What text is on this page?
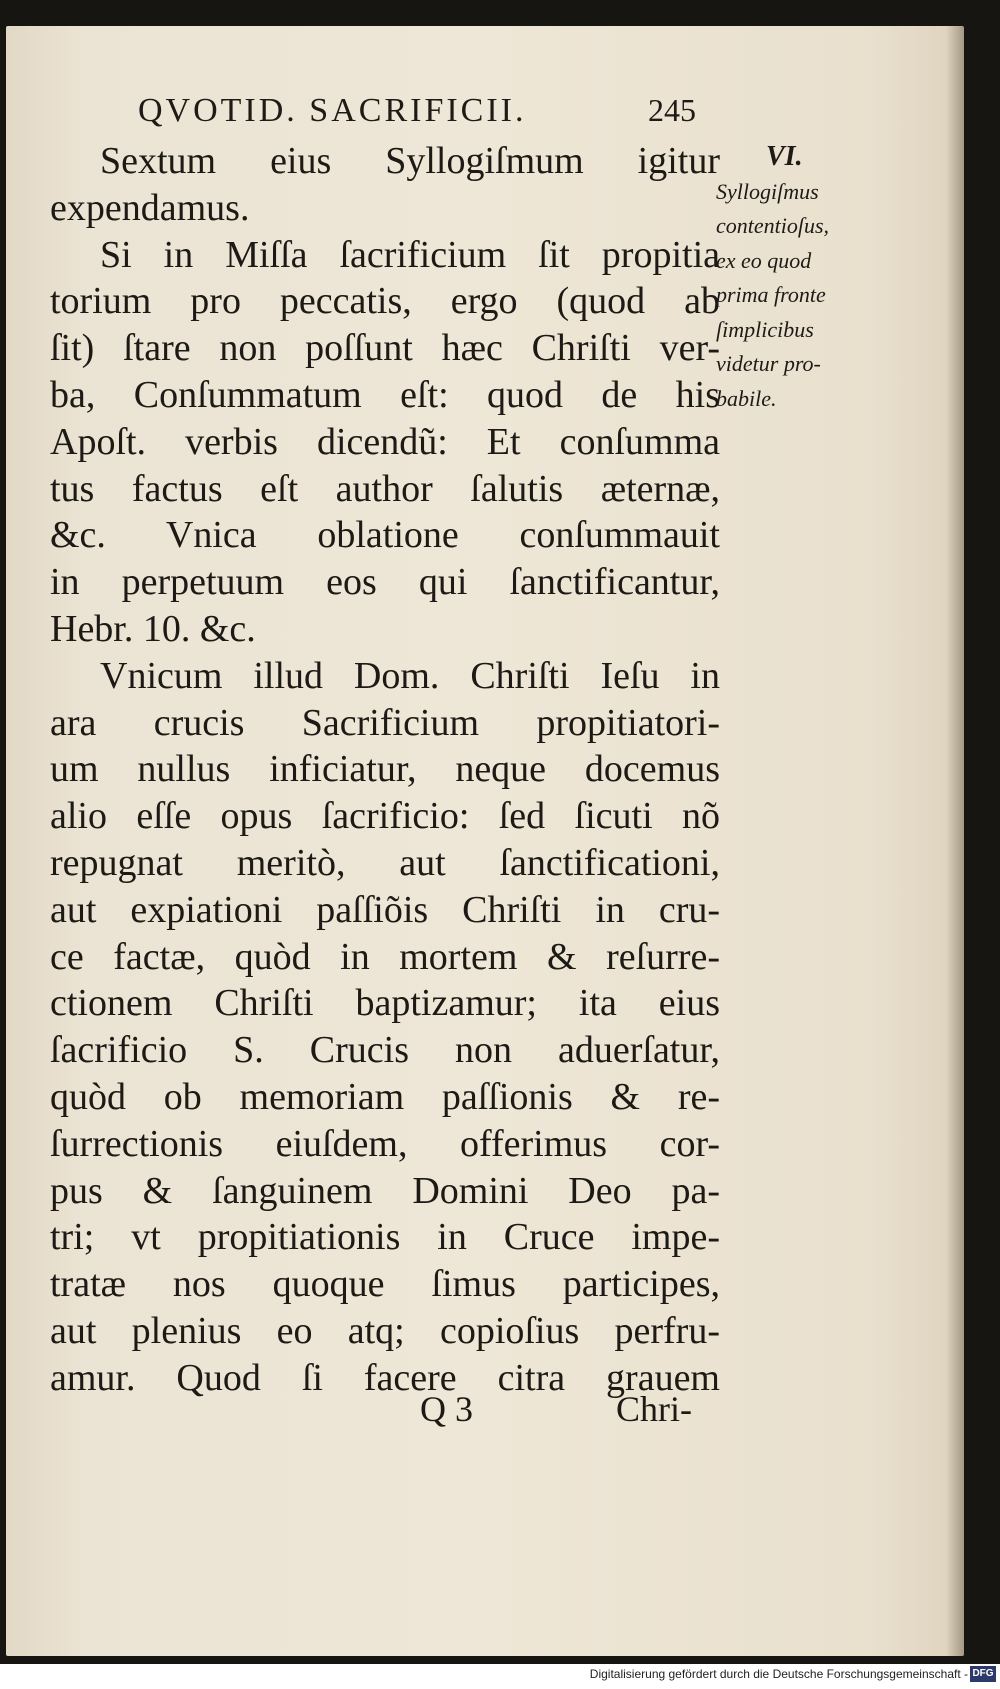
QVOTID. SACRIFICII.	245
Sextum eius Syllogiſmum igitur
expendamus.
Si in Miſſa ſacrificium ſit propitia
torium pro peccatis, ergo (quod ab
ſit) ſtare non poſſunt hæc Chriſti ver-
ba, Conſummatum eſt: quod de his
Apoſt. verbis dicendũ: Et conſumma
tus factus eſt author ſalutis æternæ,
&c. Vnica oblatione conſummauit
in perpetuum eos qui ſanctificantur,
Hebr. 10. &c.
Vnicum illud Dom. Chriſti Ieſu in
ara crucis Sacrificium propitiatori-
um nullus inficiatur, neque docemus
alio eſſe opus ſacrificio: ſed ſicuti nõ
repugnat meritò, aut ſanctificationi,
aut expiationi paſſiõis Chriſti in cru-
ce factæ, quòd in mortem & reſurre-
ctionem Chriſti baptizamur; ita eius
ſacrificio S. Crucis non aduerſatur,
quòd ob memoriam paſſionis & re-
ſurrectionis eiuſdem, offerimus cor-
pus & ſanguinem Domini Deo pa-
tri; vt propitiationis in Cruce impe-
tratæ nos quoque ſimus participes,
aut plenius eo atq; copioſius perfru-
amur. Quod ſi facere citra grauem
VI.
Syllogiſmus
contentioſus,
ex eo quod
prima fronte
ſimplicibus
videtur pro-
babile.
Q 3	Chri-
Digitalisierung gefördert durch die Deutsche Forschungsgemeinschaft - DFG
